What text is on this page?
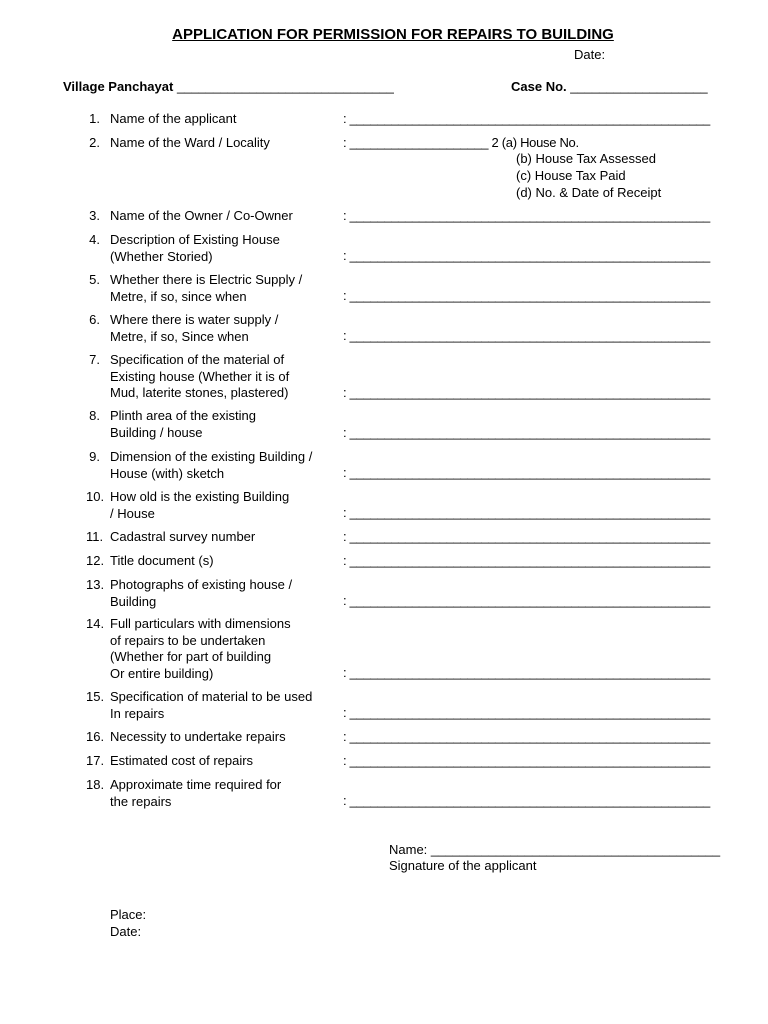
APPLICATION FOR PERMISSION FOR REPAIRS TO BUILDING
Date:
Village Panchayat ______________________________	Case No. ___________________
1. Name of the applicant	: ____________________________________________________
2. Name of the Ward / Locality	: ____________________ 2 (a) House No.
(b) House Tax Assessed
(c) House Tax Paid
(d) No. & Date of Receipt
3. Name of the Owner / Co-Owner	: ____________________________________________________
4. Description of Existing House
(Whether Storied)	: ____________________________________________________
5. Whether there is Electric Supply /
Metre, if so, since when	: ____________________________________________________
6. Where there is water supply /
Metre, if so, Since when	: ____________________________________________________
7. Specification of the material of
Existing house (Whether it is of
Mud, laterite stones, plastered)	: ____________________________________________________
8. Plinth area of the existing
Building / house	: ____________________________________________________
9. Dimension of the existing Building /
House (with) sketch	: ____________________________________________________
10. How old is the existing Building
/ House	: ____________________________________________________
11. Cadastral survey number	: ____________________________________________________
12. Title document (s)	: ____________________________________________________
13. Photographs of existing house /
Building	: ____________________________________________________
14. Full particulars with dimensions
of repairs to be undertaken
(Whether for part of building
Or entire building)	: ____________________________________________________
15. Specification of material to be used
In repairs	: ____________________________________________________
16. Necessity to undertake repairs	: ____________________________________________________
17. Estimated cost of repairs	: ____________________________________________________
18. Approximate time required for
the repairs	: ____________________________________________________
Name: ________________________________________
Signature of the applicant
Place:
Date:
